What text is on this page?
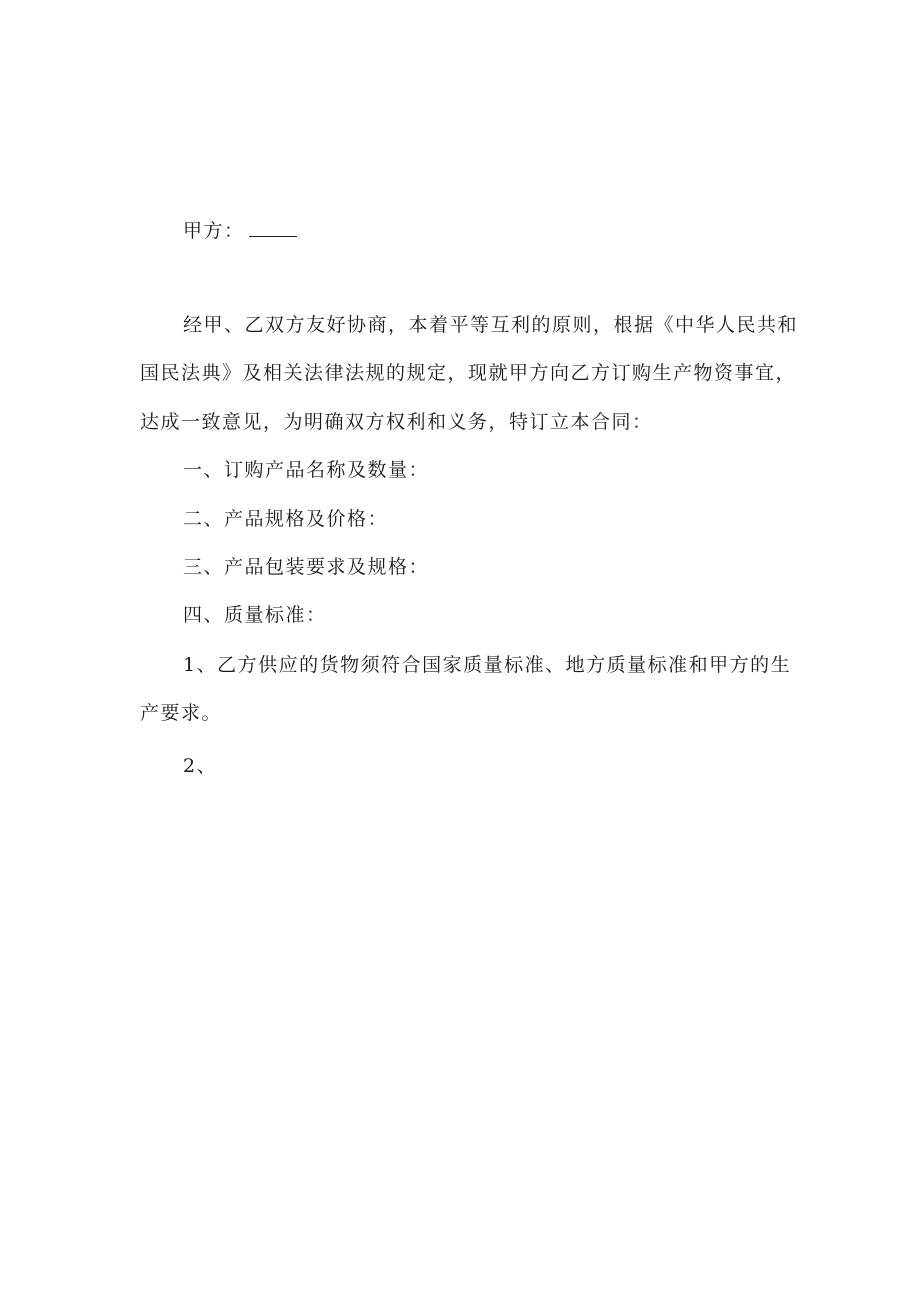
甲方：
经甲、乙双方友好协商，本着平等互利的原则，根据《中华人民共和
国民法典》及相关法律法规的规定，现就甲方向乙方订购生产物资事宜，
达成一致意见，为明确双方权利和义务，特订立本合同：
一、订购产品名称及数量：
二、产品规格及价格：
三、产品包装要求及规格：
四、质量标准：
1、乙方供应的货物须符合国家质量标准、地方质量标准和甲方的生
产要求。
2、
